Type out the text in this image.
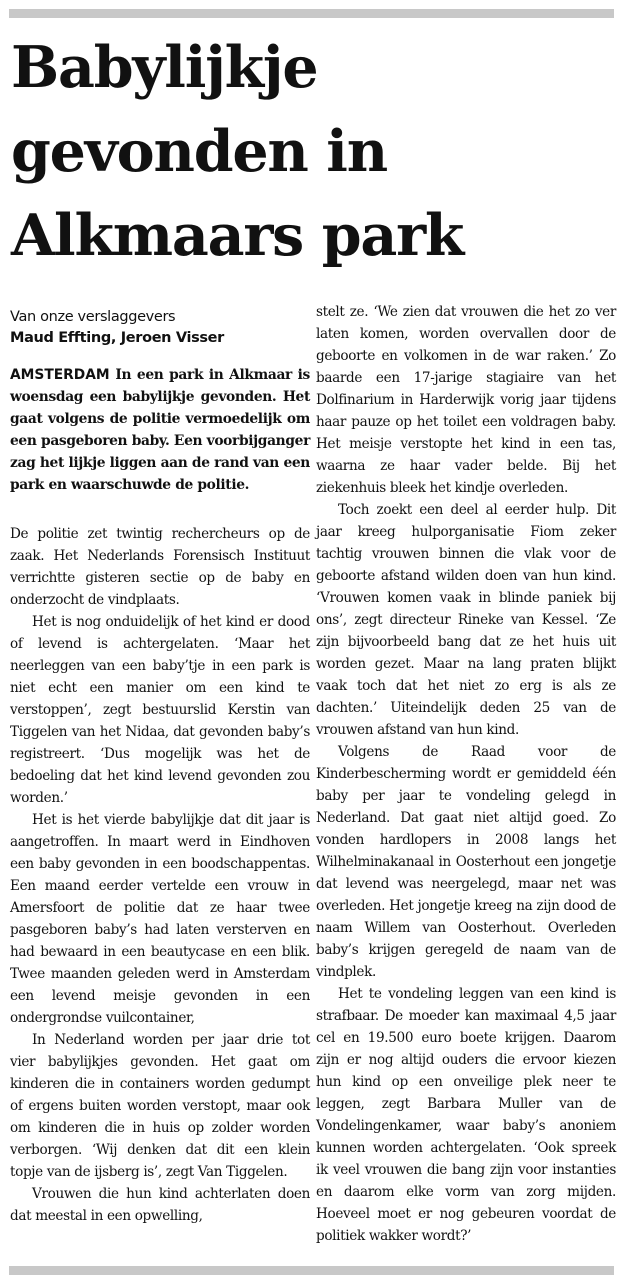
Babylijkje gevonden in Alkmaars park
Van onze verslaggevers
Maud Effting, Jeroen Visser

AMSTERDAM In een park in Alkmaar is woensdag een babylijkje gevonden. Het gaat volgens de politie vermoedelijk om een pasgeboren baby. Een voorbijganger zag het lijkje liggen aan de rand van een park en waarschuwde de politie.

De politie zet twintig rechercheurs op de zaak. Het Nederlands Forensisch Instituut verrichtte gisteren sectie op de baby en onderzocht de vindplaats.

Het is nog onduidelijk of het kind er dood of levend is achtergelaten. ‘Maar het neerleggen van een baby’tje in een park is niet echt een manier om een kind te verstoppen’, zegt bestuurslid Kerstin van Tiggelen van het Nidaa, dat gevonden baby’s registreert. ‘Dus mogelijk was het de bedoeling dat het kind levend gevonden zou worden.’

Het is het vierde babylijkje dat dit jaar is aangetroffen. In maart werd in Eindhoven een baby gevonden in een boodschappentas. Een maand eerder vertelde een vrouw in Amersfoort de politie dat ze haar twee pasgeboren baby’s had laten versterven en had bewaard in een beautycase en een blik. Twee maanden geleden werd in Amsterdam een levend meisje gevonden in een ondergrondse vuilcontainer,

In Nederland worden per jaar drie tot vier babylijkjes gevonden. Het gaat om kinderen die in containers worden gedumpt of ergens buiten worden verstopt, maar ook om kinderen die in huis op zolder worden verborgen. ‘Wij denken dat dit een klein topje van de ijsberg is’, zegt Van Tiggelen.

Vrouwen die hun kind achterlaten doen dat meestal in een opwelling,

stelt ze. ‘We zien dat vrouwen die het zo ver laten komen, worden overvallen door de geboorte en volkomen in de war raken.’ Zo baarde een 17-jarige stagiaire van het Dolfinarium in Harderwijk vorig jaar tijdens haar pauze op het toilet een voldragen baby. Het meisje verstopte het kind in een tas, waarna ze haar vader belde. Bij het ziekenhuis bleek het kindje overleden.

Toch zoekt een deel al eerder hulp. Dit jaar kreeg hulporganisatie Fiom zeker tachtig vrouwen binnen die vlak voor de geboorte afstand wilden doen van hun kind. ‘Vrouwen komen vaak in blinde paniek bij ons’, zegt directeur Rineke van Kessel. ‘Ze zijn bijvoorbeeld bang dat ze het huis uit worden gezet. Maar na lang praten blijkt vaak toch dat het niet zo erg is als ze dachten.’ Uiteindelijk deden 25 van de vrouwen afstand van hun kind.

Volgens de Raad voor de Kinderbescherming wordt er gemiddeld één baby per jaar te vondeling gelegd in Nederland. Dat gaat niet altijd goed. Zo vonden hardlopers in 2008 langs het Wilhelminakanaal in Oosterhout een jongetje dat levend was neergelegd, maar net was overleden. Het jongetje kreeg na zijn dood de naam Willem van Oosterhout. Overleden baby’s krijgen geregeld de naam van de vindplek.

Het te vondeling leggen van een kind is strafbaar. De moeder kan maximaal 4,5 jaar cel en 19.500 euro boete krijgen. Daarom zijn er nog altijd ouders die ervoor kiezen hun kind op een onveilige plek neer te leggen, zegt Barbara Muller van de Vondelingenkamer, waar baby’s anoniem kunnen worden achtergelaten. ‘Ook spreek ik veel vrouwen die bang zijn voor instanties en daarom elke vorm van zorg mijden. Hoeveel moet er nog gebeuren voordat de politiek wakker wordt?’
